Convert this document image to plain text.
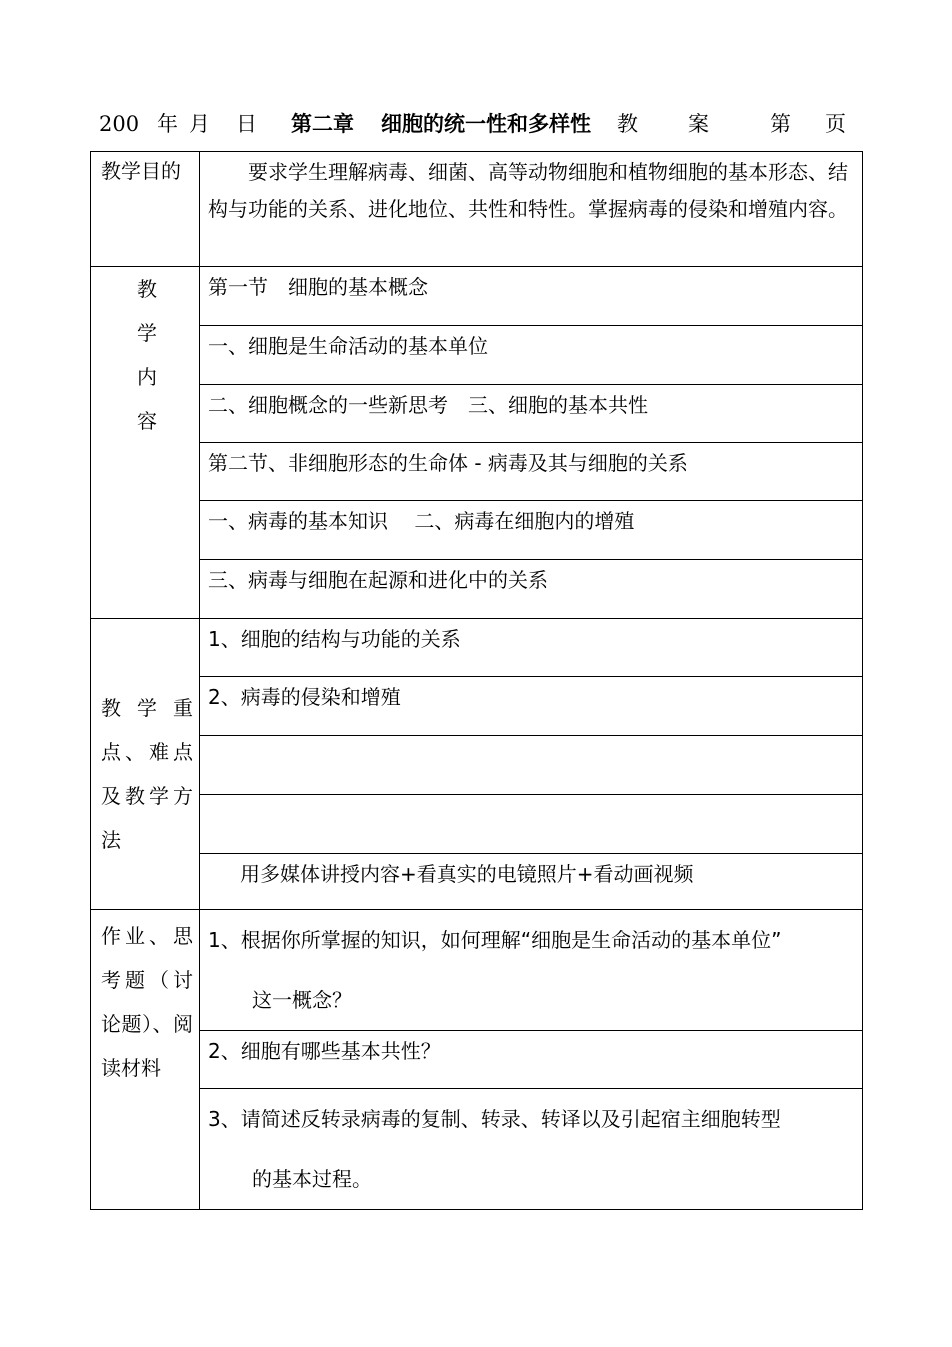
200 年 月 日 第二章 细胞的统一性和多样性 教 案	第 页
教学目的	要求学生理解病毒、细菌、高等动物细胞和植物细胞的基本形态、结构与功能的关系、进化地位、共性和特性。掌握病毒的侵染和增殖内容。

教
学
内
容	第一节　细胞的基本概念
	一、细胞是生命活动的基本单位
	二、细胞概念的一些新思考　三、细胞的基本共性
	第二节、非细胞形态的生命体 - 病毒及其与细胞的关系
	一、病毒的基本知识　 二、病毒在细胞内的增殖
	三、病毒与细胞在起源和进化中的关系

教学重
点、难点
及教学方
法	1、细胞的结构与功能的关系
	2、病毒的侵染和增殖

	用多媒体讲授内容+看真实的电镜照片+看动画视频

作业、思
考题（讨
论题）、阅
读材料	1、根据你所掌握的知识，如何理解“细胞是生命活动的基本单位”
这一概念？

	2、细胞有哪些基本共性？

	3、请简述反转录病毒的复制、转录、转译以及引起宿主细胞转型
的基本过程。
